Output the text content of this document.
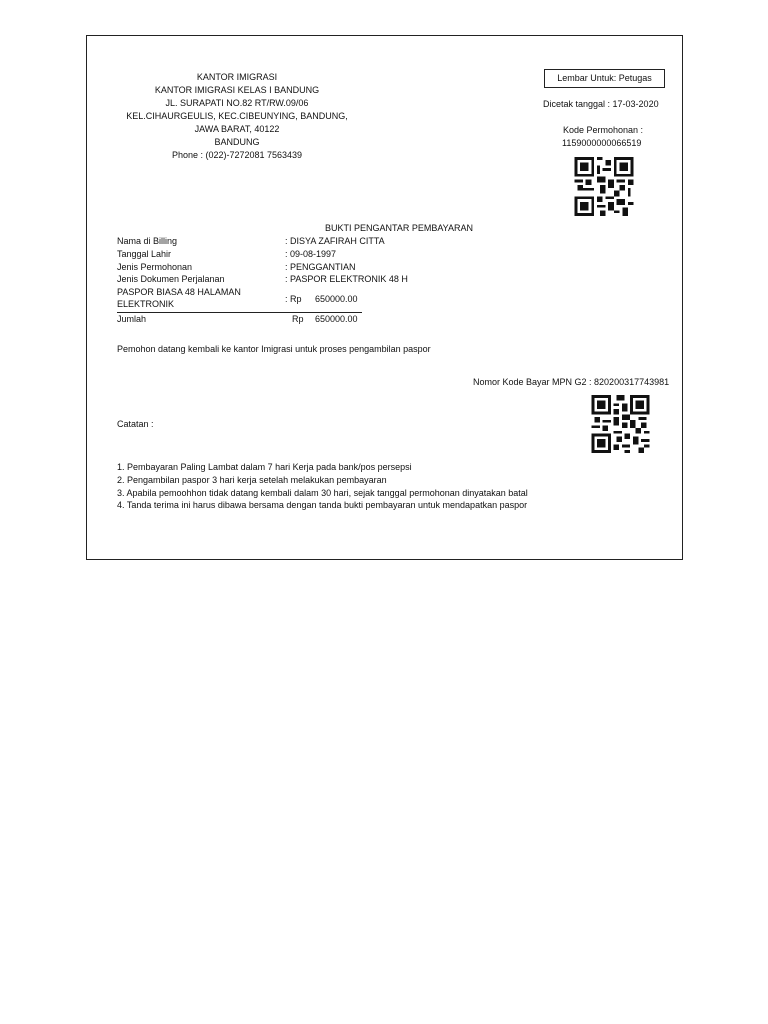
KANTOR IMIGRASI
KANTOR IMIGRASI KELAS I BANDUNG
JL. SURAPATI NO.82 RT/RW.09/06
KEL.CIHAURGEULIS, KEC.CIBEUNYING, BANDUNG,
JAWA BARAT, 40122
BANDUNG
Phone : (022)-7272081 7563439
Lembar Untuk: Petugas
Dicetak tanggal : 17-03-2020
Kode Permohonan :
1159000000066519
BUKTI PENGANTAR PEMBAYARAN
Nama di Billing	: DISYA ZAFIRAH CITTA
Tanggal Lahir	: 09-08-1997
Jenis Permohonan	: PENGGANTIAN
Jenis Dokumen Perjalanan	: PASPOR ELEKTRONIK 48 H
PASPOR BIASA 48 HALAMAN
ELEKTRONIK	: Rp 650000.00
Jumlah	Rp 650000.00
Pemohon datang kembali ke kantor Imigrasi untuk proses pengambilan paspor
Nomor Kode Bayar MPN G2 : 820200317743981
Catatan :
1. Pembayaran Paling Lambat dalam 7 hari Kerja pada bank/pos persepsi
2. Pengambilan paspor 3 hari kerja setelah melakukan pembayaran
3. Apabila pemoohhon tidak datang kembali dalam 30 hari, sejak tanggal permohonan dinyatakan batal
4. Tanda terima ini harus dibawa bersama dengan tanda bukti pembayaran untuk mendapatkan paspor
